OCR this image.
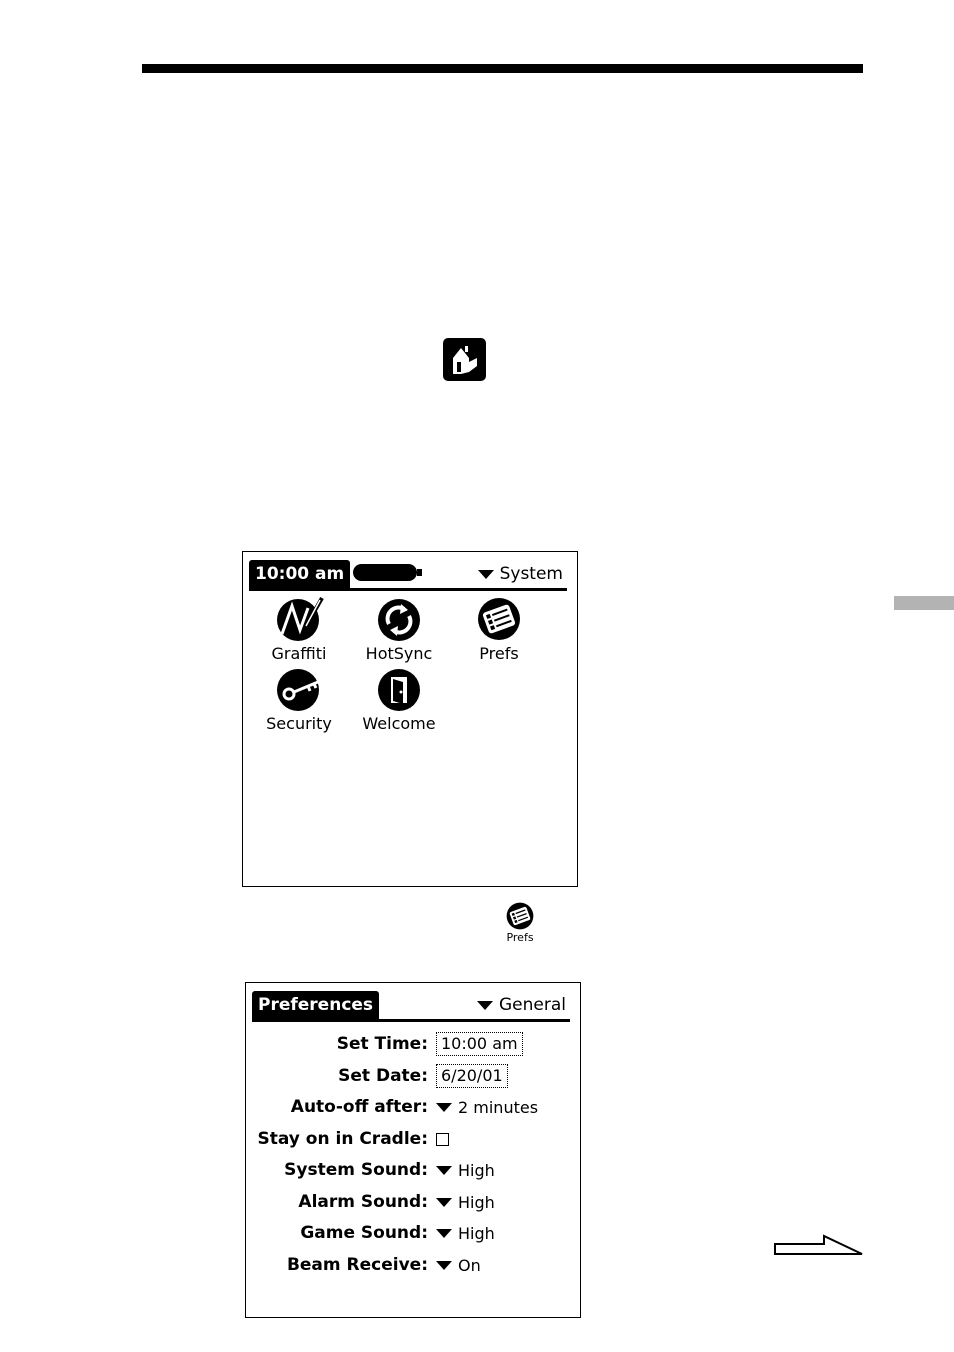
10:00 am	System
Graffiti	HotSync	Prefs
Security	Welcome
Prefs
Preferences	General
Set Time: 10:00 am
Set Date: 6/20/01
Auto-off after: 2 minutes
Stay on in Cradle:
System Sound: High
Alarm Sound: High
Game Sound: High
Beam Receive: On
